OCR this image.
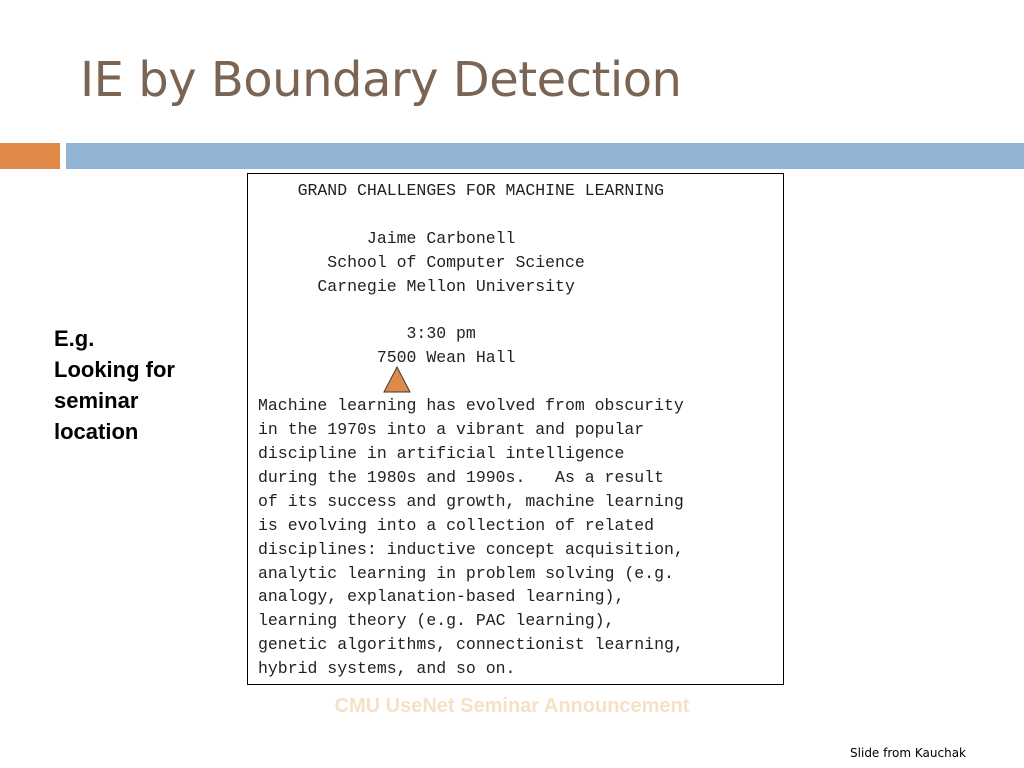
IE by Boundary Detection
E.g.
Looking for
seminar
location
GRAND CHALLENGES FOR MACHINE LEARNING

Jaime Carbonell
School of Computer Science
Carnegie Mellon University

3:30 pm
7500 Wean Hall

Machine learning has evolved from obscurity
in the 1970s into a vibrant and popular
discipline in artificial intelligence
during the 1980s and 1990s.   As a result
of its success and growth, machine learning
is evolving into a collection of related
disciplines: inductive concept acquisition,
analytic learning in problem solving (e.g.
analogy, explanation-based learning),
learning theory (e.g. PAC learning),
genetic algorithms, connectionist learning,
hybrid systems, and so on.
CMU UseNet Seminar Announcement
Slide from Kauchak
